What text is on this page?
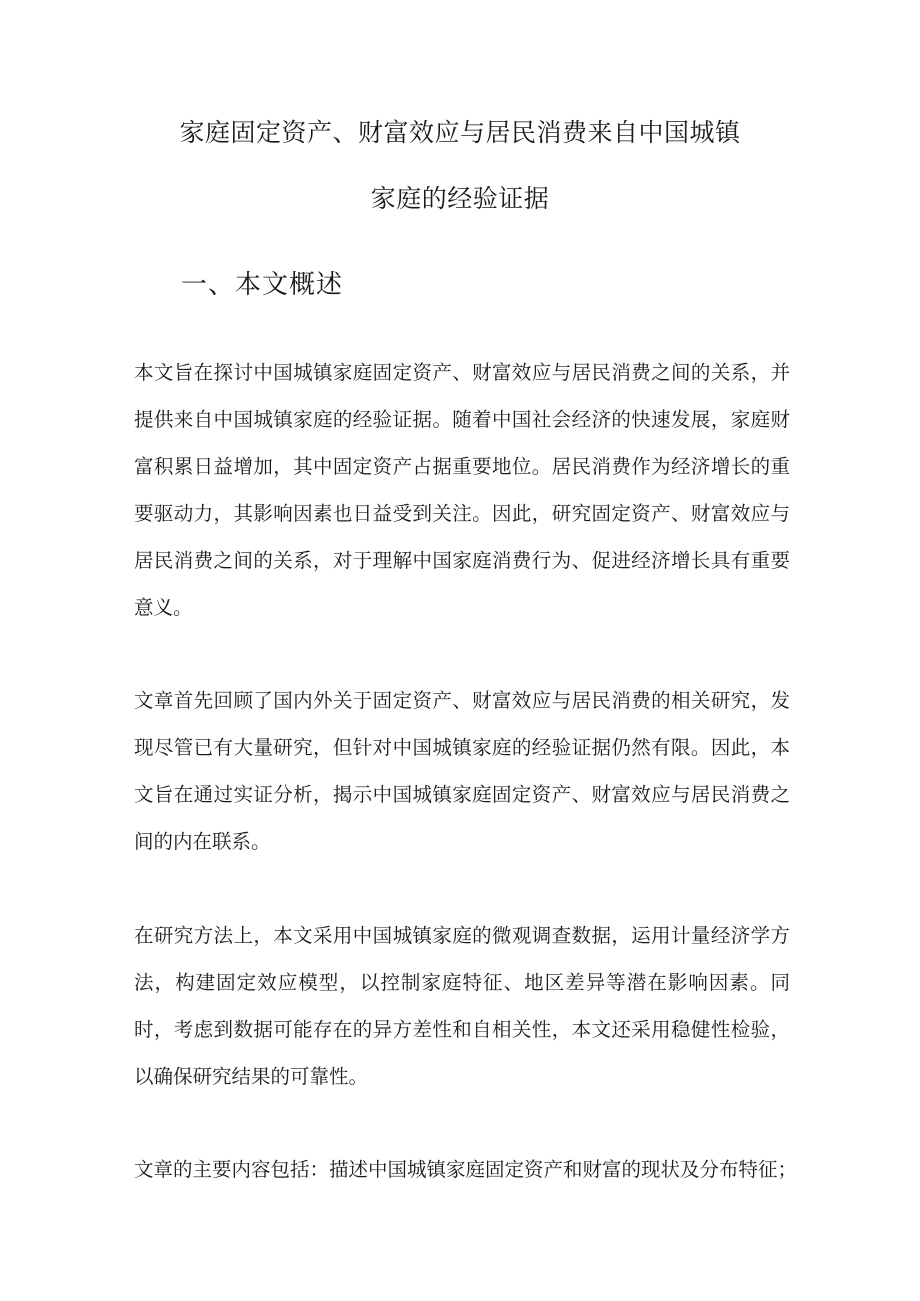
家庭固定资产、财富效应与居民消费来自中国城镇
家庭的经验证据
一、本文概述

本文旨在探讨中国城镇家庭固定资产、财富效应与居民消费之间的关系，并提供来自中国城镇家庭的经验证据。随着中国社会经济的快速发展，家庭财富积累日益增加，其中固定资产占据重要地位。居民消费作为经济增长的重要驱动力，其影响因素也日益受到关注。因此，研究固定资产、财富效应与居民消费之间的关系，对于理解中国家庭消费行为、促进经济增长具有重要意义。

文章首先回顾了国内外关于固定资产、财富效应与居民消费的相关研究，发现尽管已有大量研究，但针对中国城镇家庭的经验证据仍然有限。因此，本文旨在通过实证分析，揭示中国城镇家庭固定资产、财富效应与居民消费之间的内在联系。

在研究方法上，本文采用中国城镇家庭的微观调查数据，运用计量经济学方法，构建固定效应模型，以控制家庭特征、地区差异等潜在影响因素。同时，考虑到数据可能存在的异方差性和自相关性，本文还采用稳健性检验，以确保研究结果的可靠性。

文章的主要内容包括：描述中国城镇家庭固定资产和财富的现状及分布特征；
